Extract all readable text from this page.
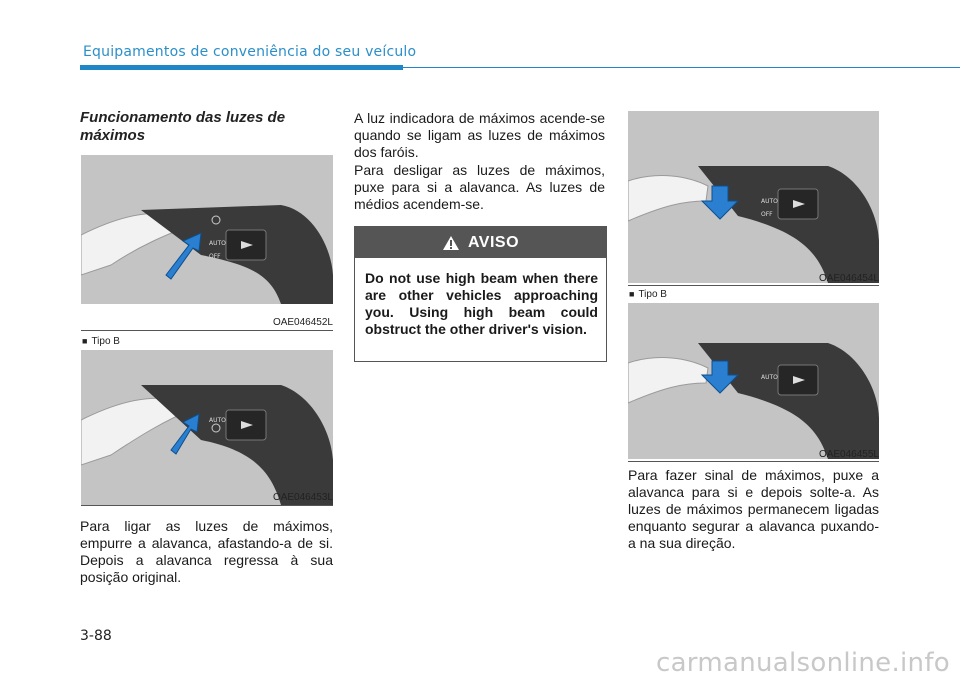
Equipamentos de conveniência do seu veículo
Funcionamento das luzes de máximos
AUTO
OFF
OAE046452L
■ Tipo B
AUTO
OAE046453L
Para ligar as luzes de máximos, empurre a alavanca, afastando-a de si. Depois a alavanca regressa à sua posição original.
A luz indicadora de máximos acende-se quando se ligam as luzes de máximos dos faróis.
Para desligar as luzes de máximos, puxe para si a alavanca. As luzes de médios acendem-se.
AVISO
Do not use high beam when there are other vehicles approaching you. Using high beam could obstruct the other driver's vision.
AUTO
OFF
OAE046454L
■ Tipo B
AUTO
OAE046455L
Para fazer sinal de máximos, puxe a alavanca para si e depois solte-a. As luzes de máximos permanecem ligadas enquanto segurar a alavanca puxando-a na sua direção.
3-88
carmanualsonline.info
